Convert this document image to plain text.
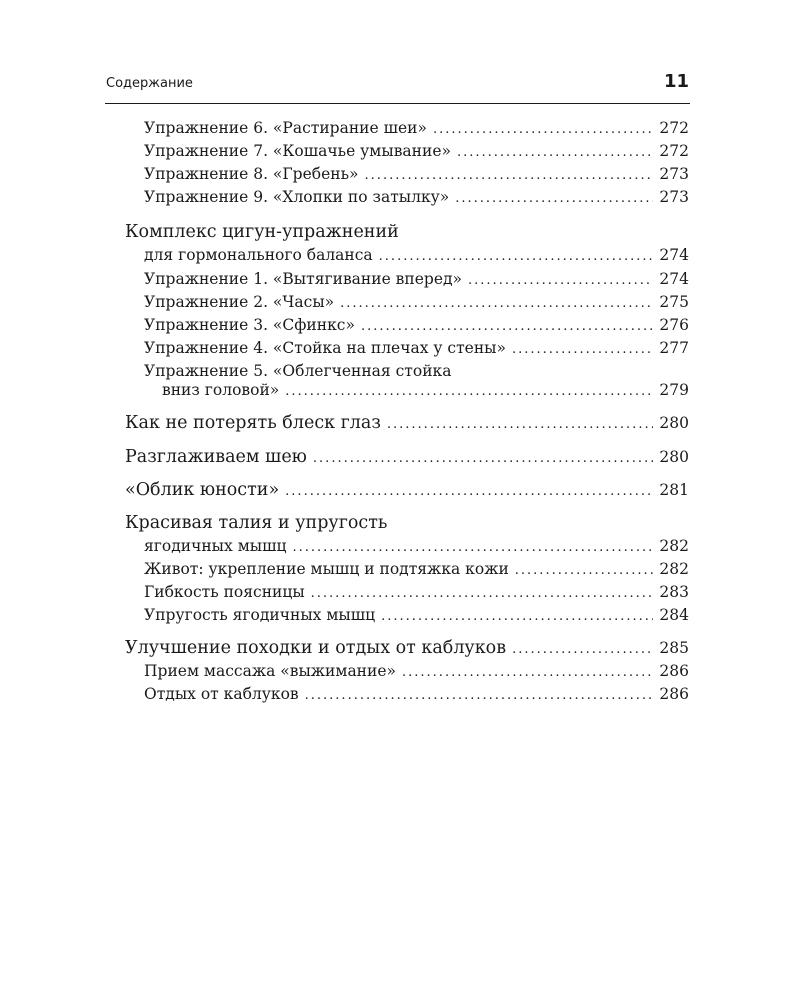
Содержание	11
Упражнение 6. «Растирание шеи» .....	272
Упражнение 7. «Кошачье умывание» .....	272
Упражнение 8. «Гребень» .....	273
Упражнение 9. «Хлопки по затылку» .....	273
Комплекс цигун-упражнений
для гормонального баланса .....	274
Упражнение 1. «Вытягивание вперед» .....	274
Упражнение 2. «Часы» .....	275
Упражнение 3. «Сфинкс» .....	276
Упражнение 4. «Стойка на плечах у стены» .....	277
Упражнение 5. «Облегченная стойка
вниз головой» .....	279
Как не потерять блеск глаз .....	280
Разглаживаем шею .....	280
«Облик юности» .....	281
Красивая талия и упругость
ягодичных мышц .....	282
Живот: укрепление мышц и подтяжка кожи .....	282
Гибкость поясницы .....	283
Упругость ягодичных мышц .....	284
Улучшение походки и отдых от каблуков .....	285
Прием массажа «выжимание» .....	286
Отдых от каблуков .....	286
